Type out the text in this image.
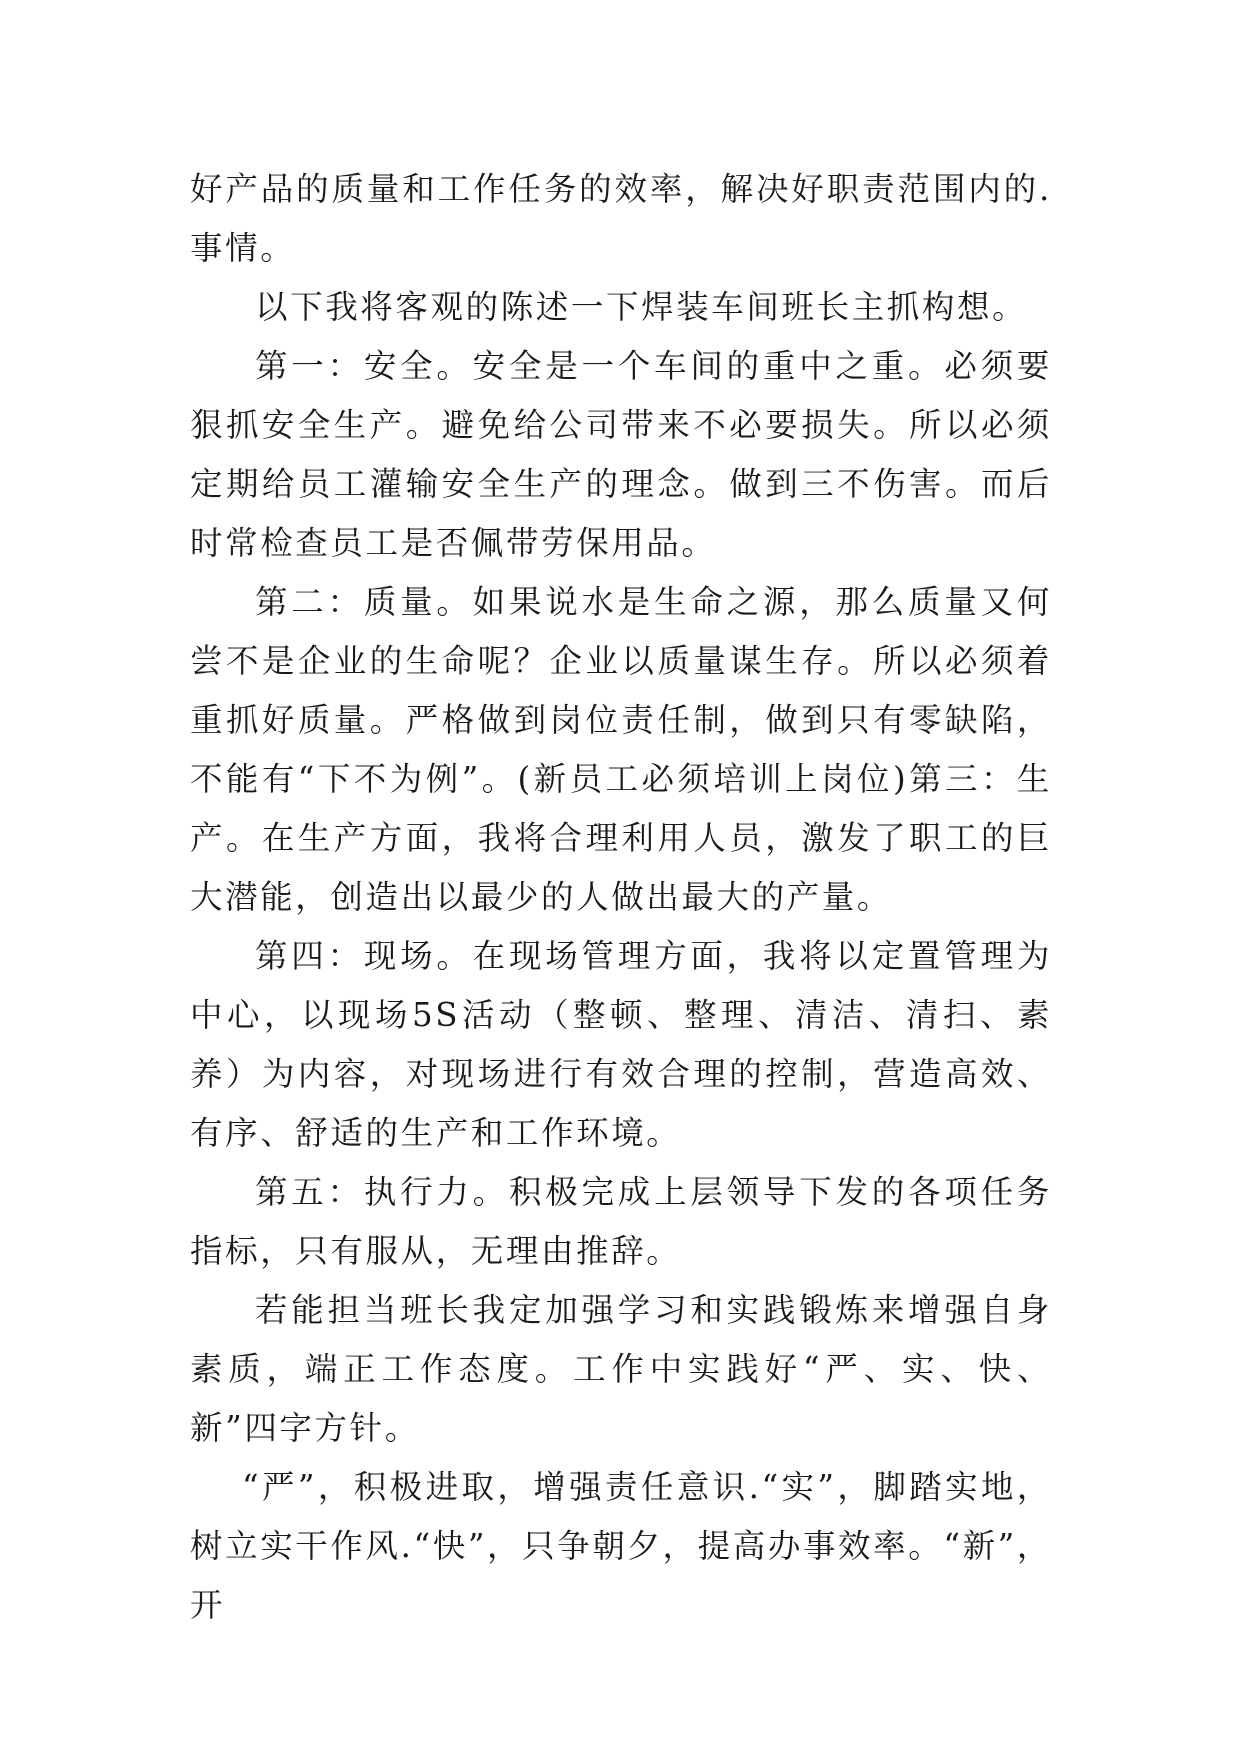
好产品的质量和工作任务的效率，解决好职责范围内的.事情。

以下我将客观的陈述一下焊装车间班长主抓构想。

第一：安全。安全是一个车间的重中之重。必须要狠抓安全生产。避免给公司带来不必要损失。所以必须定期给员工灌输安全生产的理念。做到三不伤害。而后时常检查员工是否佩带劳保用品。

第二：质量。如果说水是生命之源，那么质量又何尝不是企业的生命呢？企业以质量谋生存。所以必须着重抓好质量。严格做到岗位责任制，做到只有零缺陷，不能有“下不为例”。(新员工必须培训上岗位)第三：生产。在生产方面，我将合理利用人员，激发了职工的巨大潜能，创造出以最少的人做出最大的产量。

第四：现场。在现场管理方面，我将以定置管理为中心，以现场5S活动（整顿、整理、清洁、清扫、素养）为内容，对现场进行有效合理的控制，营造高效、有序、舒适的生产和工作环境。

第五：执行力。积极完成上层领导下发的各项任务指标，只有服从，无理由推辞。

若能担当班长我定加强学习和实践锻炼来增强自身素质，端正工作态度。工作中实践好“严、实、快、新”四字方针。

“严”，积极进取，增强责任意识.“实”，脚踏实地，树立实干作风.“快”，只争朝夕，提高办事效率。“新”，开
